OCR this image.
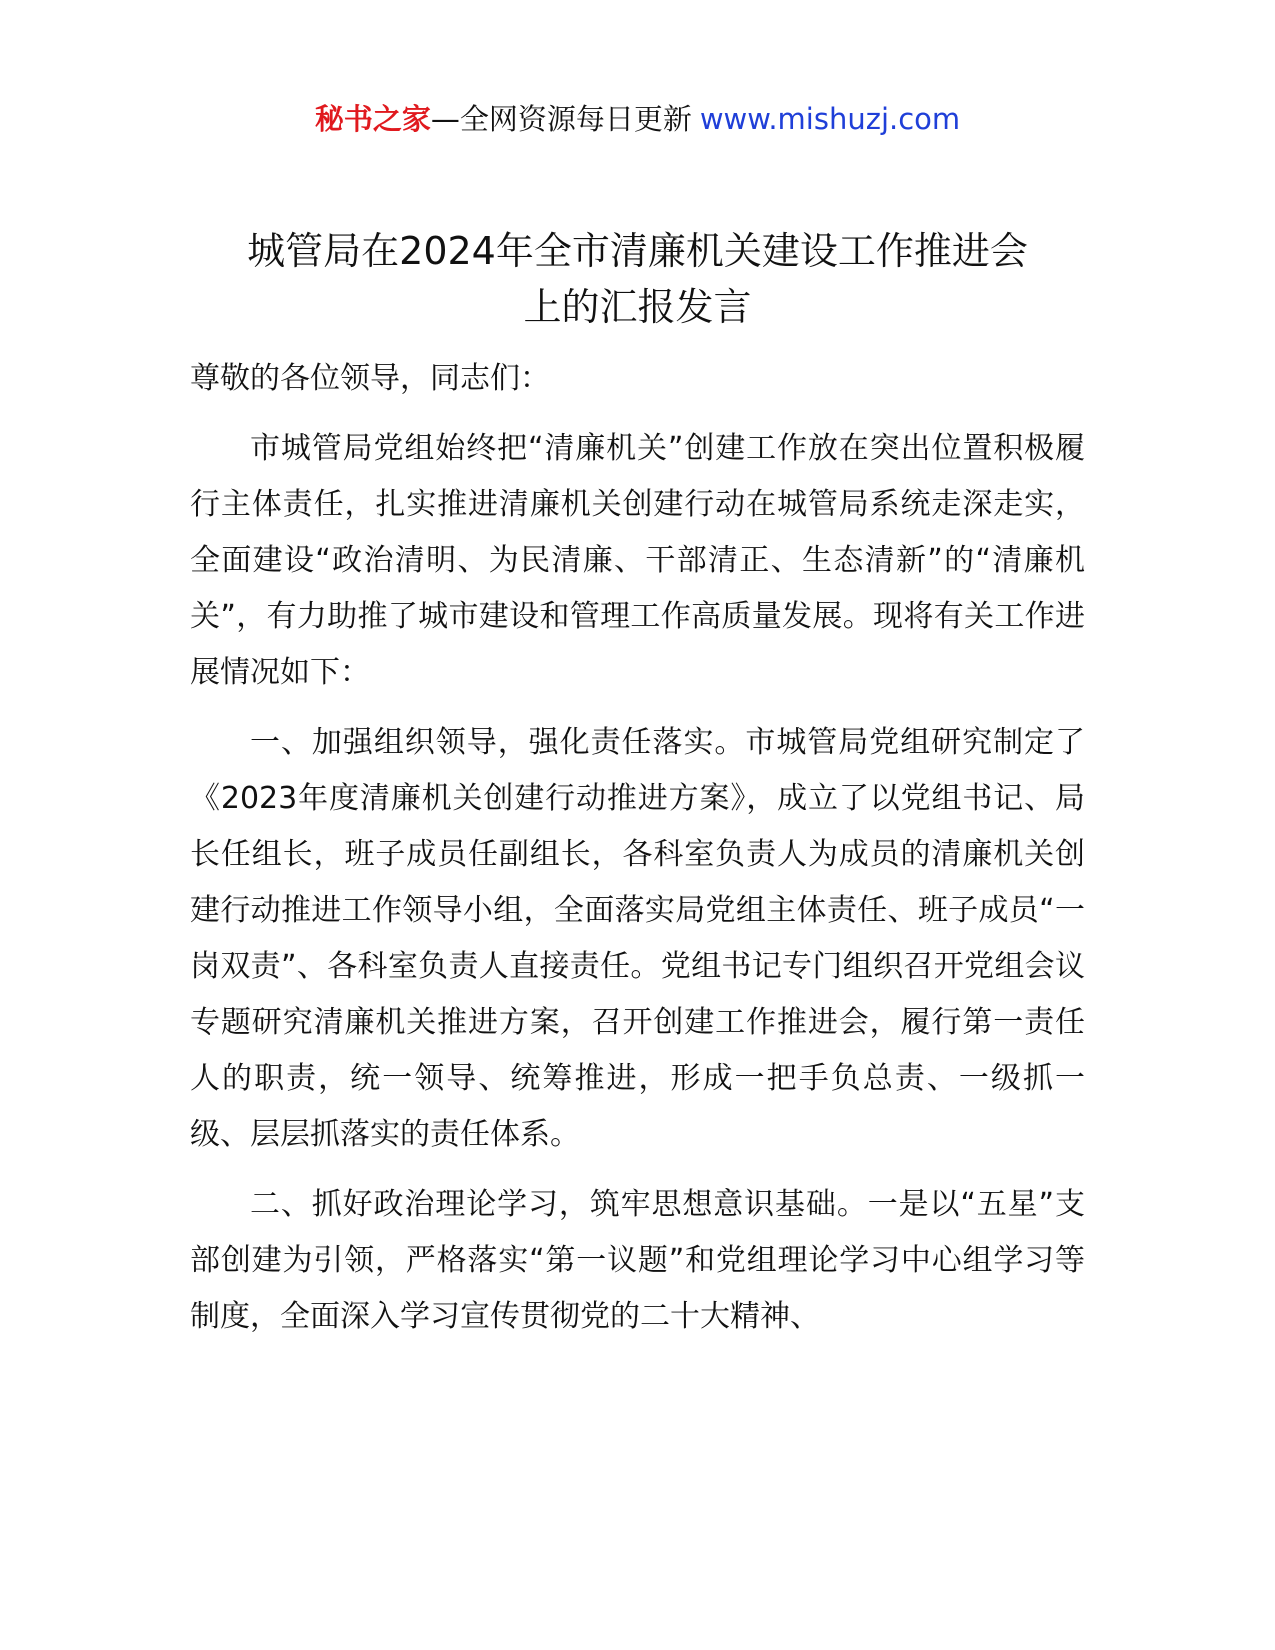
秘书之家—全网资源每日更新 www.mishuzj.com
城管局在2024年全市清廉机关建设工作推进会
上的汇报发言

尊敬的各位领导，同志们：

市城管局党组始终把“清廉机关”创建工作放在突出位置积极履行主体责任，扎实推进清廉机关创建行动在城管局系统走深走实，全面建设“政治清明、为民清廉、干部清正、生态清新”的“清廉机关”，有力助推了城市建设和管理工作高质量发展。现将有关工作进展情况如下：

一、加强组织领导，强化责任落实。市城管局党组研究制定了《2023年度清廉机关创建行动推进方案》，成立了以党组书记、局长任组长，班子成员任副组长，各科室负责人为成员的清廉机关创建行动推进工作领导小组，全面落实局党组主体责任、班子成员“一岗双责”、各科室负责人直接责任。党组书记专门组织召开党组会议专题研究清廉机关推进方案，召开创建工作推进会，履行第一责任人的职责，统一领导、统筹推进，形成一把手负总责、一级抓一级、层层抓落实的责任体系。

二、抓好政治理论学习，筑牢思想意识基础。一是以“五星”支部创建为引领，严格落实“第一议题”和党组理论学习中心组学习等制度，全面深入学习宣传贯彻党的二十大精神、
